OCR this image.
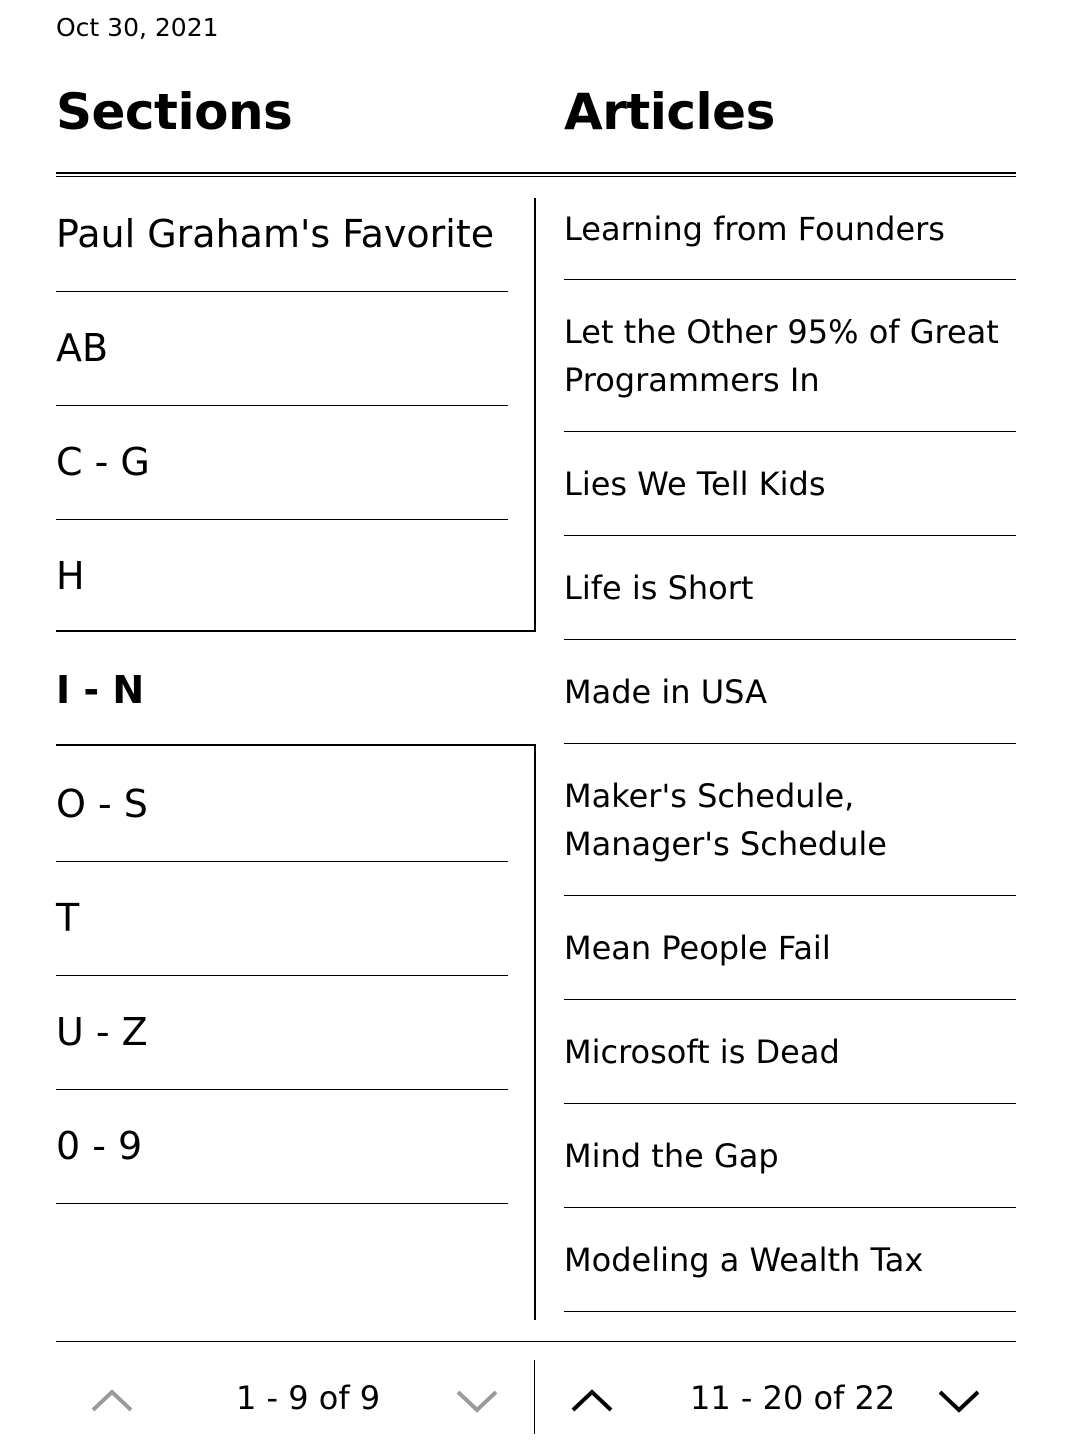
Oct 30, 2021
Sections	Articles
Paul Graham's Favorite
AB
C - G
H
I - N
O - S
T
U - Z
0 - 9
Learning from Founders
Let the Other 95% of Great Programmers In
Lies We Tell Kids
Life is Short
Made in USA
Maker's Schedule, Manager's Schedule
Mean People Fail
Microsoft is Dead
Mind the Gap
Modeling a Wealth Tax
1 - 9 of 9	11 - 20 of 22
